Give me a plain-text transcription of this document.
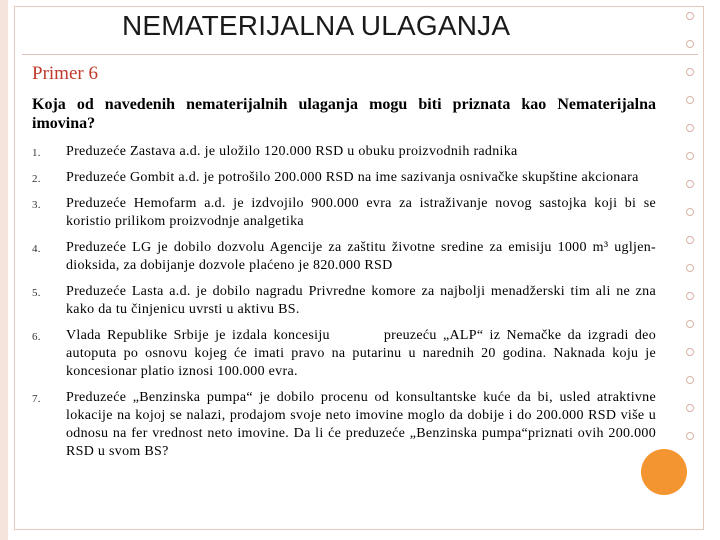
NEMATERIJALNA ULAGANJA
Primer 6
Koja od navedenih nematerijalnih ulaganja mogu biti priznata kao Nematerijalna imovina?
1. Preduzeće Zastava a.d. je uložilo 120.000 RSD u obuku proizvodnih radnika
2. Preduzeće Gombit a.d. je potrošilo 200.000 RSD na ime sazivanja osnivačke skupštine akcionara
3. Preduzeće Hemofarm a.d. je izdvojilo 900.000 evra za istraživanje novog sastojka koji bi se koristio prilikom proizvodnje analgetika
4. Preduzeće LG je dobilo dozvolu Agencije za zaštitu životne sredine za emisiju 1000 m³ ugljen-dioksida, za dobijanje dozvole plaćeno je 820.000 RSD
5. Preduzeće Lasta a.d. je dobilo nagradu Privredne komore za najbolji menadžerski tim ali ne zna kako da tu činjenicu uvrsti u aktivu BS.
6. Vlada Republike Srbije je izdala koncesiju	preuzeću „ALP“ iz Nemačke da izgradi deo autoputa po osnovu kojeg će imati pravo na putarinu u narednih 20 godina. Naknada koju je koncesionar platio iznosi 100.000 evra.
7. Preduzeće „Benzinska pumpa“ je dobilo procenu od konsultantske kuće da bi, usled atraktivne lokacije na kojoj se nalazi, prodajom svoje neto imovine moglo da dobije i do 200.000 RSD više u odnosu na fer vrednost neto imovine. Da li će preduzeće „Benzinska pumpa“priznati ovih 200.000 RSD u svom BS?
